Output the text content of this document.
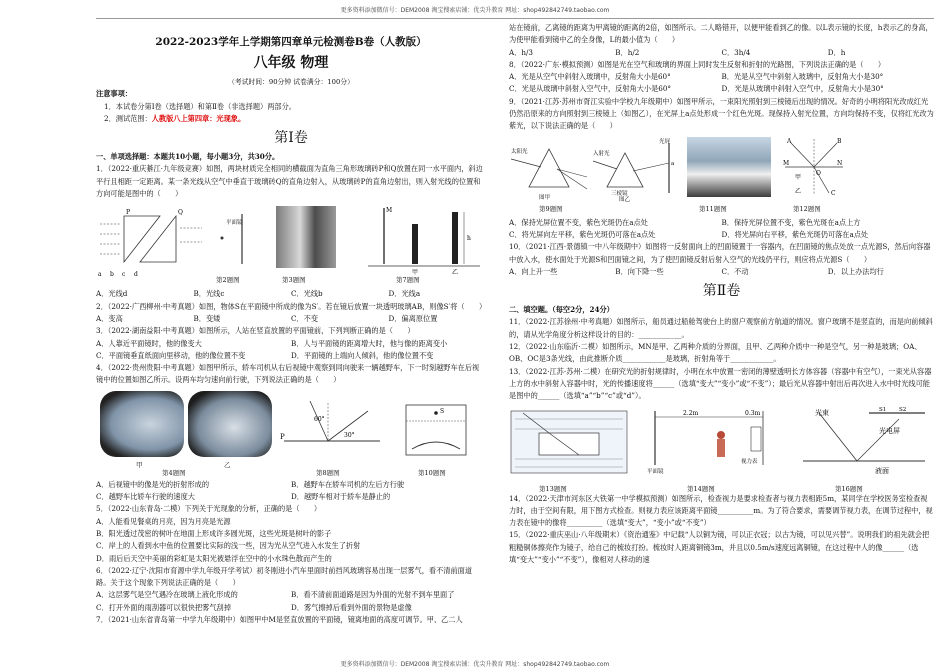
更多资料添加微信号：DEM2008 淘宝搜索店铺：优尖升教育 网址：shop492842749.taobao.com
2022-2023学年上学期第四章单元检测卷B卷（人教版）
八年级 物理
（考试时间：90分钟 试卷满分：100分）

注意事项：

1．本试卷分第Ⅰ卷（选择题）和第Ⅱ卷（非选择题）两部分。

2．测试范围：人教版八上第四章：光现象。

第Ⅰ卷

一、单项选择题：本题共10小题，每小题3分，共30分。

1．（2022·重庆綦江·九年级竞赛）如图，两块材质完全相同的横截面为直角三角形玻璃砖P和Q放置在同一水平面内，斜边平行且相距一定距离。某一条光线从空气中垂直于玻璃砖Q的直角边射入，从玻璃砖P的直角边射出，则入射光线的位置和方向可能是图中的（　　）

P	Q
a b c d
平面镜
M
h
甲	乙
第2题图	第3题图	第7题图
A．光线d	B．光线c	C．光线b	D．光线a

2．（2022·广西柳州·中考真题）如图，物体S在平面镜中所成的像为S′。若在镜后放置一块透明玻璃AB，则像S′将（　　）

A．变高	B．变矮	C．不变	D．偏离原位置

3．（2022·湖南益阳·中考真题）如图所示，人站在竖直放置的平面镜前，下列判断正确的是（　　）

A．人靠近平面镜时，他的像变大	B．人与平面镜的距离增大时，他与像的距离变小
C．平面镜垂直纸面向里移动，他的像位置不变	D．平面镜的上端向人倾斜，他的像位置不变

4．（2022·贵州贵阳·中考真题）如图甲所示，轿车司机从右后视镜中观察到同向驶来一辆越野车，下一时刻越野车在后视镜中的位置如图乙所示。设两车均匀速向前行驶，下列说法正确的是（　　）

P
60°
30°
S
甲	乙
第4题图	第8题图	第10题图
A．后视镜中的像是光的折射形成的	B．越野车在轿车司机的左后方行驶
C．越野车比轿车行驶的速度大	D．越野车相对于轿车是静止的

5．（2022·山东青岛·二模）下列关于光现象的分析，正确的是（　　）

A．人能看见餐桌的月亮，因为月亮是光源

B．阳光透过茂密的树叶在地面上形成许多圆光斑，这些光斑是树叶的影子

C．岸上的人看到水中鱼的位置要比实际的浅一些，因为光从空气进入水发生了折射

D．雨后后天空中美丽的彩虹是太阳光被悬浮在空中的小水珠色散而产生的

6．（2022·辽宁·沈阳市育源中学九年级开学考试）初冬刚进小汽车里面时前挡风玻璃容易出现一层雾气，看不清前面道路。关于这个现象下列说法正确的是（　　）

A．这层雾气是空气遇冷在玻璃上液化形成的	B．看不清前面道路是因为外面的光射不到车里面了
C．打开外面的雨刮器可以很快把雾气刮掉	D．雾气擦掉后看到外面的景物是虚像

7．（2021·山东省青岛第一中学九年级期中）如图甲中M是竖直放置的平面镜，镜离地面的高度可调节。甲、乙二人

站在镜前，乙离镜的距离为甲离镜的距离的2倍，如图所示。二人略错开，以便甲能看到乙的像。以L表示镜的长度，h表示乙的身高，为使甲能看到镜中乙的全身像，L的最小值为（　　）

A．h/3	B．h/2	C．3h/4	D．h

8．（2022·广东·模拟预测）如图是光在空气和玻璃的界面上同时发生反射和折射的光路图，下列说法正确的是（　　）

A．光是从空气中斜射入玻璃中，反射角大小是60°	B．光是从空气中斜射入玻璃中，反射角大小是30°
C．光是从玻璃中斜射入空气中，反射角大小是60°	D．光是从玻璃中斜射入空气中，反射角大小是30°

9．（2021·江苏·苏州市胥江实验中学校九年级期中）如图甲所示，一束阳光照射到三棱镜后出现的情况。好奇的小明将阳光改成红光仍然沿原来的方向照射到三棱镜上（如图乙），在光屏上a点处形成一个红色光斑。现保持入射光位置，方向均保持不变，仅将红光改为紫光，以下说法正确的是（　　）

太阳光
图甲
入射光
光屏
a
三棱镜
图乙
M	N
A	B
C
O
甲
乙
第9题图	第11题图	第12题图
A．保持光屏位置不变，紫色光斑仍在a点处	B．保持光屏位置不变，紫色光斑在a点上方
C．将光屏向左平移，紫色光斑仍可落在a点处	D．将光屏向右平移，紫色光斑仍可落在a点处

10．（2021·江西·景德镇一中八年级期中）如图将一反射面向上的凹面镜置于一容器内，在凹面镜的焦点处放一点光源S，然后向容器中放入水，使水面处于光源S和凹面镜之间，为了使凹面镜反射后射入空气的光线仍平行，则应将点光源S（　　）

A．向上升一些	B．向下降一些	C．不动	D．以上办法均行
第Ⅱ卷

二、填空题。（每空2分，24分）

11．（2022·江苏徐州·中考真题）如图所示，船员通过船舱驾驶台上的窗户观察前方航道的情况。窗户玻璃不是竖直的，而是向前倾斜的，请从光学角度分析这样设计的目的：____________。

12．（2022·山东临沂·二模）如图所示，MN是甲、乙两种介质的分界面，且甲、乙两种介质中一种是空气，另一种是玻璃；OA、OB、OC是3条光线，由此推断介质____________是玻璃，折射角等于____________。

13．（2022·江苏·苏州·二模）在研究光的折射规律时，小明在水中放置一密闭的薄壁透明长方体容器（容器中有空气），一束光从容器上方的水中斜射入容器中时，光的传播速度将______（选填“变大”“变小”或“不变”）；最后光从容器中射出后再次进入水中时光线可能是图中的______（选填“a”“b”“c”或“d”）。

2.2m	0.3m
平面镜
视力表
光束
光电屏
液面
S1 S2
第13题图	第14题图	第16题图

14．（2022·天津市河东区大铁第一中学模拟预测）如图所示，检查视力是要求检查者与视力表相距5m，某同学在学校医务室检查视力时，由于空间有限，用下图方式检查。则视力表应该距离平面镜__________m。为了符合要求，需要调节视力表，在调节过程中，视力表在镜中的像将__________（选填“变大”，“变小”或“不变”）

15．（2022·重庆巫山·八年级期末）《资治通鉴》中记载“人以铜为镜，可以正衣冠；以古为镜，可以见兴替”。说明我们的祖先就会把粗糙铜体擦亮作为镜子，给自己的梳妆打扮。梳妆时人距离铜镜3m，并且以0.5m/s速度远离铜镜，在这过程中人的像______（选填“变大”“变小”“不变”），像相对人移动的速

更多资料添加微信号：DEM2008 淘宝搜索店铺：优尖升教育 网址：shop492842749.taobao.com
